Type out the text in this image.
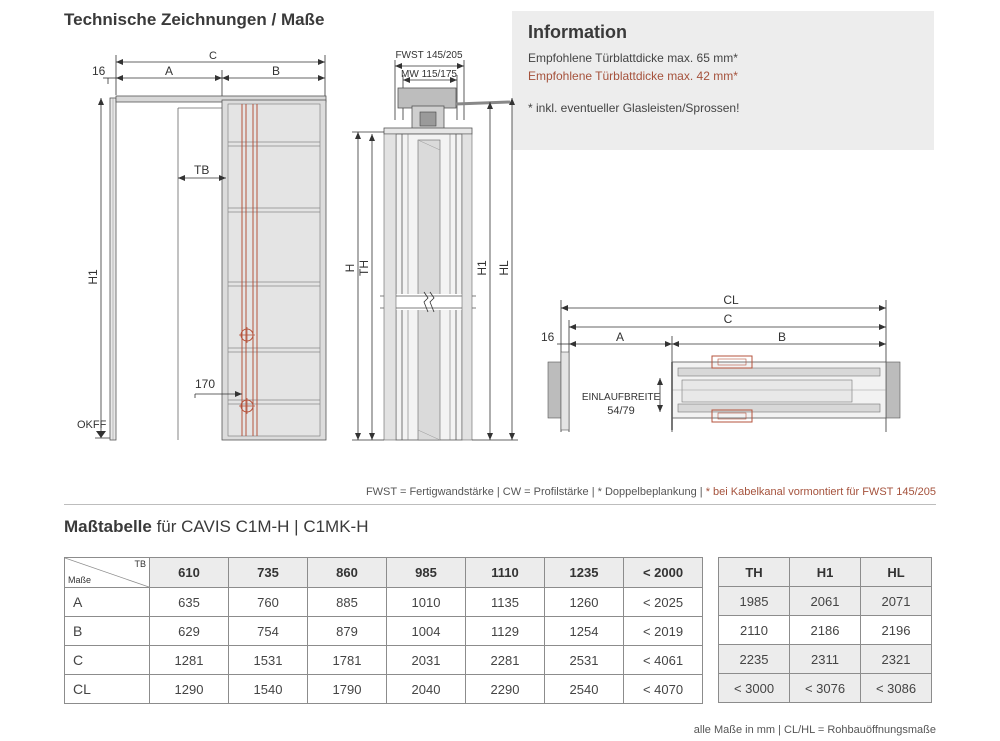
Technische Zeichnungen / Maße
Information
Empfohlene Türblattdicke max. 65 mm*
Empfohlene Türblattdicke max. 42 mm*
* inkl. eventueller Glasleisten/Sprossen!
C
A	B
16
TB
H1
OKFF
170
FWST 145/205
MW 115/175
H TH	H1 HL
CL
C
A	B
16
EINLAUFBREITE
54/79
FWST = Fertigwandstärke | CW = Profilstärke | * Doppelbeplankung | * bei Kabelkanal vormontiert für FWST 145/205
Maßtabelle für CAVIS C1M-H | C1MK-H
TB
Maße	610	735	860	985	1110	1235	< 2000
A	635	760	885	1010	1135	1260	< 2025
B	629	754	879	1004	1129	1254	< 2019
C	1281	1531	1781	2031	2281	2531	< 4061
CL	1290	1540	1790	2040	2290	2540	< 4070
TH	H1	HL
1985	2061	2071
2110	2186	2196
2235	2311	2321
< 3000	< 3076	< 3086
alle Maße in mm | CL/HL = Rohbauöffnungsmaße
